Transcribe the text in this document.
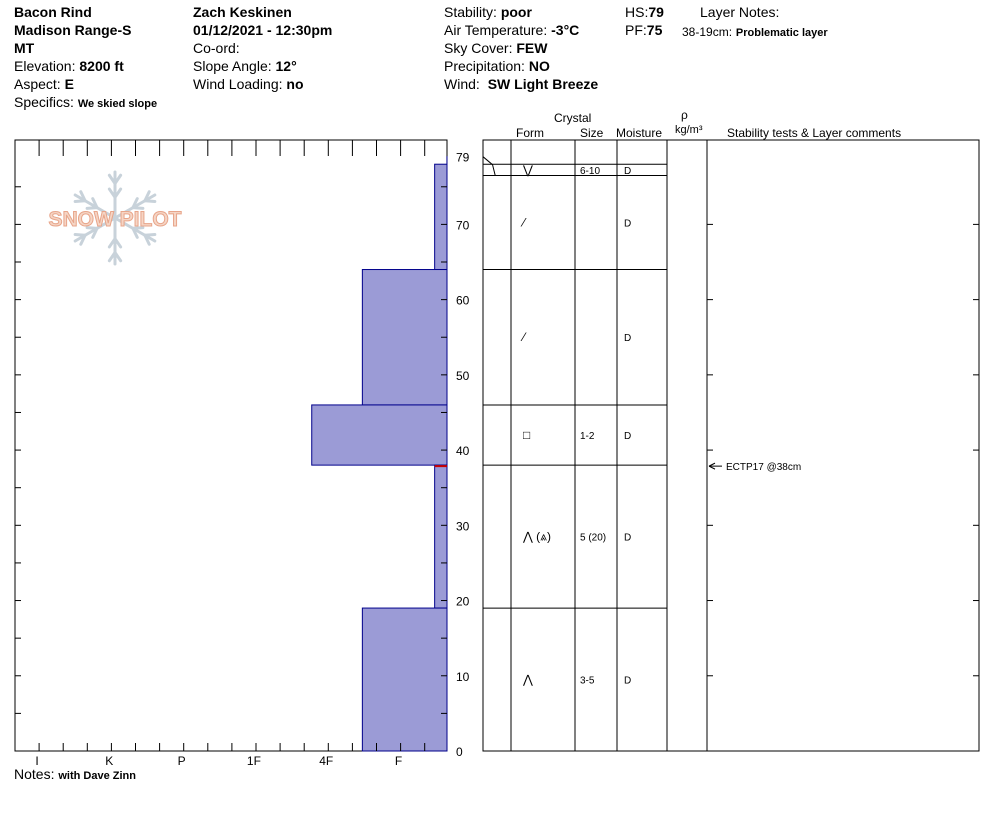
Bacon Rind
Madison Range-S
MT
Elevation: 8200 ft
Aspect: E
Specifics: We skied slope
Zach Keskinen
01/12/2021 - 12:30pm
Co-ord:
Slope Angle: 12°
Wind Loading: no
Stability: poor
Air Temperature: -3°C
Sky Cover: FEW
Precipitation: NO
Wind: SW Light Breeze
HS:79
PF:75
Layer Notes:
38-19cm: Problematic layer
Crystal
Form	Size Moisture
ρ
kg/m³ Stability tests & Layer comments
Notes: with Dave Zinn
SNOW PILOT
0
10
20
30
40
50
60
70
79
I	K	P	1F	4F	F
⋁	6-10 D
⁄	D
⁄	D
□	1-2	D
⋀ (⩓)	5 (20) D
⋀	3-5	D
ECTP17 @38cm
